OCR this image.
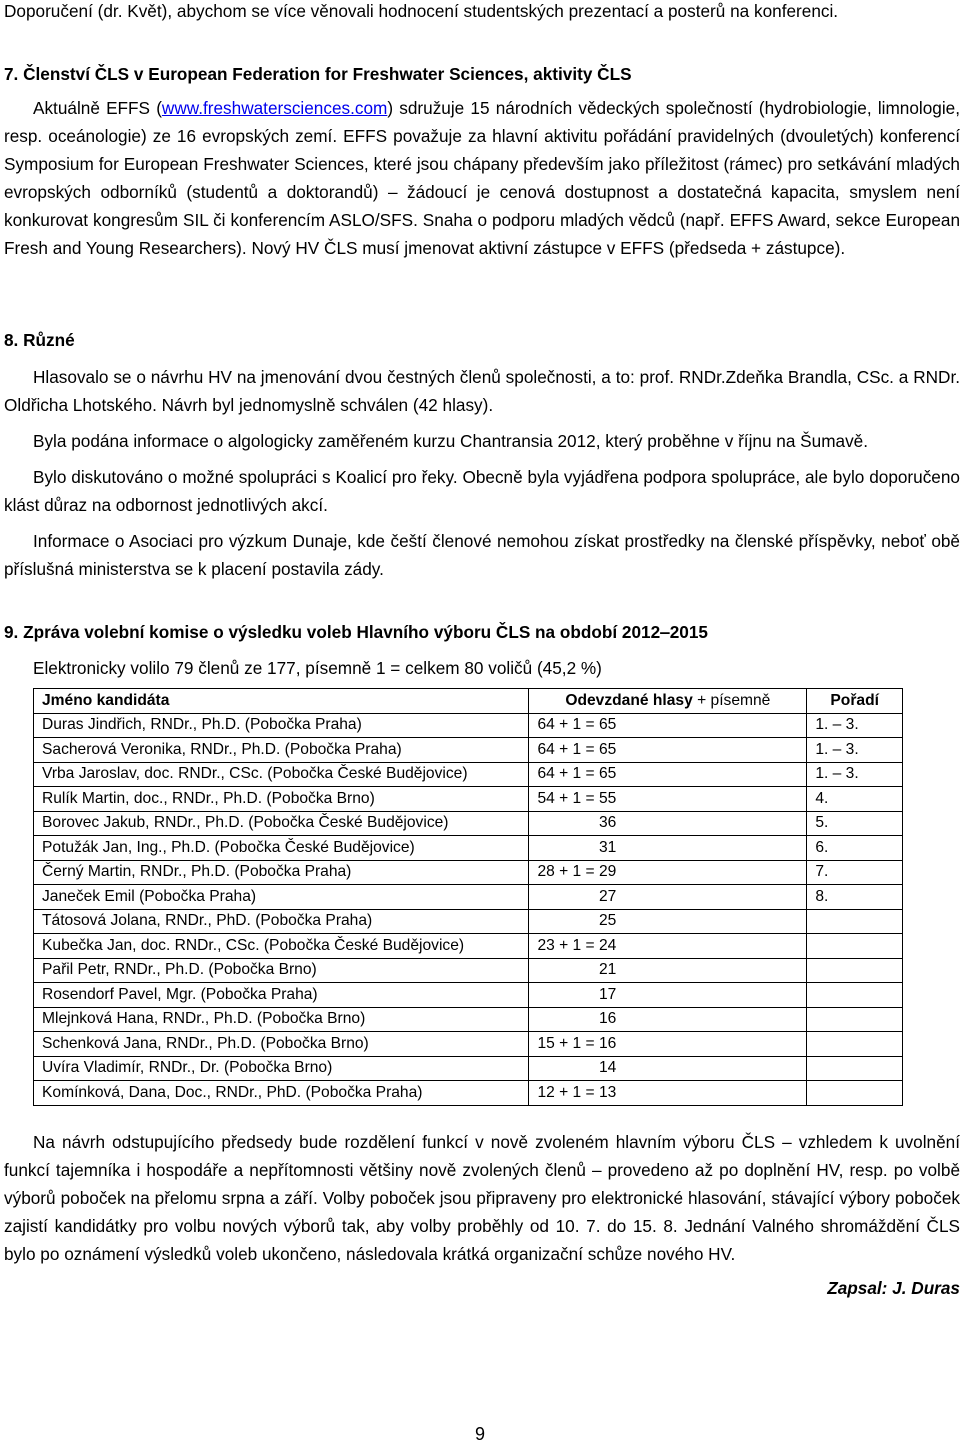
Doporučení (dr. Květ), abychom se více věnovali hodnocení studentských prezentací a posterů na konferenci.

7. Členství ČLS v European Federation for Freshwater Sciences, aktivity ČLS

Aktuálně EFFS (www.freshwatersciences.com) sdružuje 15 národních vědeckých společností (hydrobiologie, limnologie, resp. oceánologie) ze 16 evropských zemí. EFFS považuje za hlavní aktivitu pořádání pravidelných (dvouletých) konferencí Symposium for European Freshwater Sciences, které jsou chápany především jako příležitost (rámec) pro setkávání mladých evropských odborníků (studentů a doktorandů) ‒ žádoucí je cenová dostupnost a dostatečná kapacita, smyslem není konkurovat kongresům SIL či konferencím ASLO/SFS. Snaha o podporu mladých vědců (např. EFFS Award, sekce European Fresh and Young Researchers). Nový HV ČLS musí jmenovat aktivní zástupce v EFFS (předseda + zástupce).

8. Různé

Hlasovalo se o návrhu HV na jmenování dvou čestných členů společnosti, a to: prof. RNDr.Zdeňka Brandla, CSc. a RNDr. Oldřicha Lhotského. Návrh byl jednomyslně schválen (42 hlasy).

Byla podána informace o algologicky zaměřeném kurzu Chantransia 2012, který proběhne v říjnu na Šumavě.

Bylo diskutováno o možné spolupráci s Koalicí pro řeky. Obecně byla vyjádřena podpora spolupráce, ale bylo doporučeno klást důraz na odbornost jednotlivých akcí.

Informace o Asociaci pro výzkum Dunaje, kde čeští členové nemohou získat prostředky na členské příspěvky, neboť obě příslušná ministerstva se k placení postavila zády.

9. Zpráva volební komise o výsledku voleb Hlavního výboru ČLS na období 2012‒2015

Elektronicky volilo 79 členů ze 177, písemně 1 = celkem 80 voličů (45,2 %)

Jméno kandidáta	Odevzdané hlasy + písemně	Pořadí
Duras Jindřich, RNDr., Ph.D. (Pobočka Praha)	64 + 1 = 65	1. ‒ 3.
Sacherová Veronika, RNDr., Ph.D. (Pobočka Praha)	64 + 1 = 65	1. ‒ 3.
Vrba Jaroslav, doc. RNDr., CSc. (Pobočka České Budějovice)	64 + 1 = 65	1. ‒ 3.
Rulík Martin, doc., RNDr., Ph.D. (Pobočka Brno)	54 + 1 = 55	4.
Borovec Jakub, RNDr., Ph.D. (Pobočka České Budějovice)	36	5.
Potužák Jan, Ing., Ph.D. (Pobočka České Budějovice)	31	6.
Černý Martin, RNDr., Ph.D. (Pobočka Praha)	28 + 1 = 29	7.
Janeček Emil (Pobočka Praha)	27	8.
Tátosová Jolana, RNDr., PhD. (Pobočka Praha)	25	
Kubečka Jan, doc. RNDr., CSc. (Pobočka České Budějovice)	23 + 1 = 24	
Pařil Petr, RNDr., Ph.D. (Pobočka Brno)	21	
Rosendorf Pavel, Mgr. (Pobočka Praha)	17	
Mlejnková Hana, RNDr., Ph.D. (Pobočka Brno)	16	
Schenková Jana, RNDr., Ph.D. (Pobočka Brno)	15 + 1 = 16	
Uvíra Vladimír, RNDr., Dr. (Pobočka Brno)	14	
Komínková, Dana, Doc., RNDr., PhD. (Pobočka Praha)	12 + 1 = 13	

Na návrh odstupujícího předsedy bude rozdělení funkcí v nově zvoleném hlavním výboru ČLS ‒ vzhledem k uvolnění funkcí tajemníka i hospodáře a nepřítomnosti většiny nově zvolených členů ‒ provedeno až po doplnění HV, resp. po volbě výborů poboček na přelomu srpna a září. Volby poboček jsou připraveny pro elektronické hlasování, stávající výbory poboček zajistí kandidátky pro volbu nových výborů tak, aby volby proběhly od 10. 7. do 15. 8. Jednání Valného shromáždění ČLS bylo po oznámení výsledků voleb ukončeno, následovala krátká organizační schůze nového HV.

Zapsal: J. Duras

9
